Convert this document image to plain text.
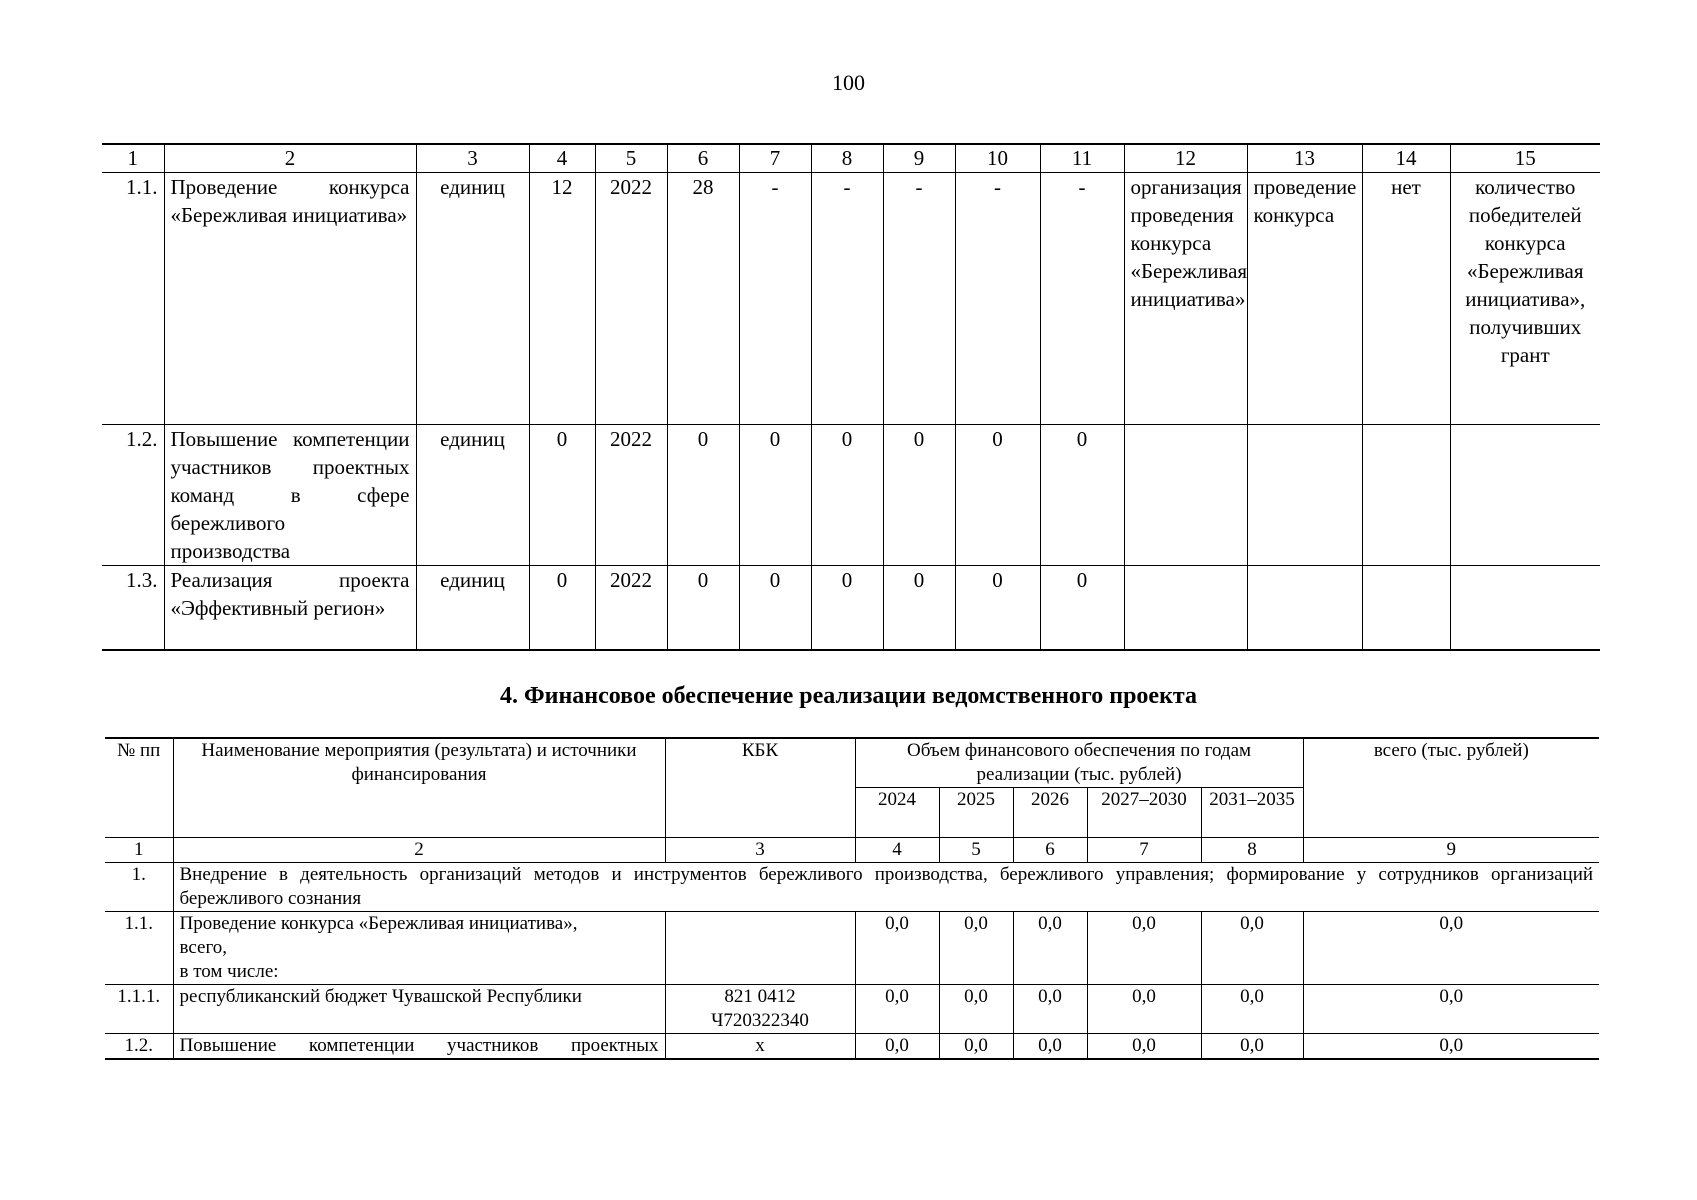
100
1	2	3	4	5	6	7	8	9	10	11	12	13	14	15
1.1.	Проведение конкурса «Бережливая инициатива»	единиц	12	2022	28	-	-	-	-	-	организация проведения конкурса «Бережливая инициатива»	проведение конкурса	нет	количество победителей конкурса «Бережливая инициатива», получивших грант
1.2.	Повышение компетенции участников проектных команд в сфере бережливого производства	единиц	0	2022	0	0	0	0	0	0				
1.3.	Реализация проекта «Эффективный регион»	единиц	0	2022	0	0	0	0	0	0				
4. Финансовое обеспечение реализации ведомственного проекта
№ пп	Наименование мероприятия (результата) и источники финансирования	КБК	Объем финансового обеспечения по годам реализации (тыс. рублей)					всего (тыс. рублей)
			2024	2025	2026	2027–2030	2031–2035	
1	2	3	4	5	6	7	8	9
1.	Внедрение в деятельность организаций методов и инструментов бережливого производства, бережливого управления; формирование у сотрудников организаций бережливого сознания							
1.1.	Проведение конкурса «Бережливая инициатива»,
всего,
в том числе:		0,0	0,0	0,0	0,0	0,0	0,0
1.1.1.	республиканский бюджет Чувашской Республики	821 0412
Ч720322340	0,0	0,0	0,0	0,0	0,0	0,0
1.2.	Повышение компетенции участников проектных	х	0,0	0,0	0,0	0,0	0,0	0,0
